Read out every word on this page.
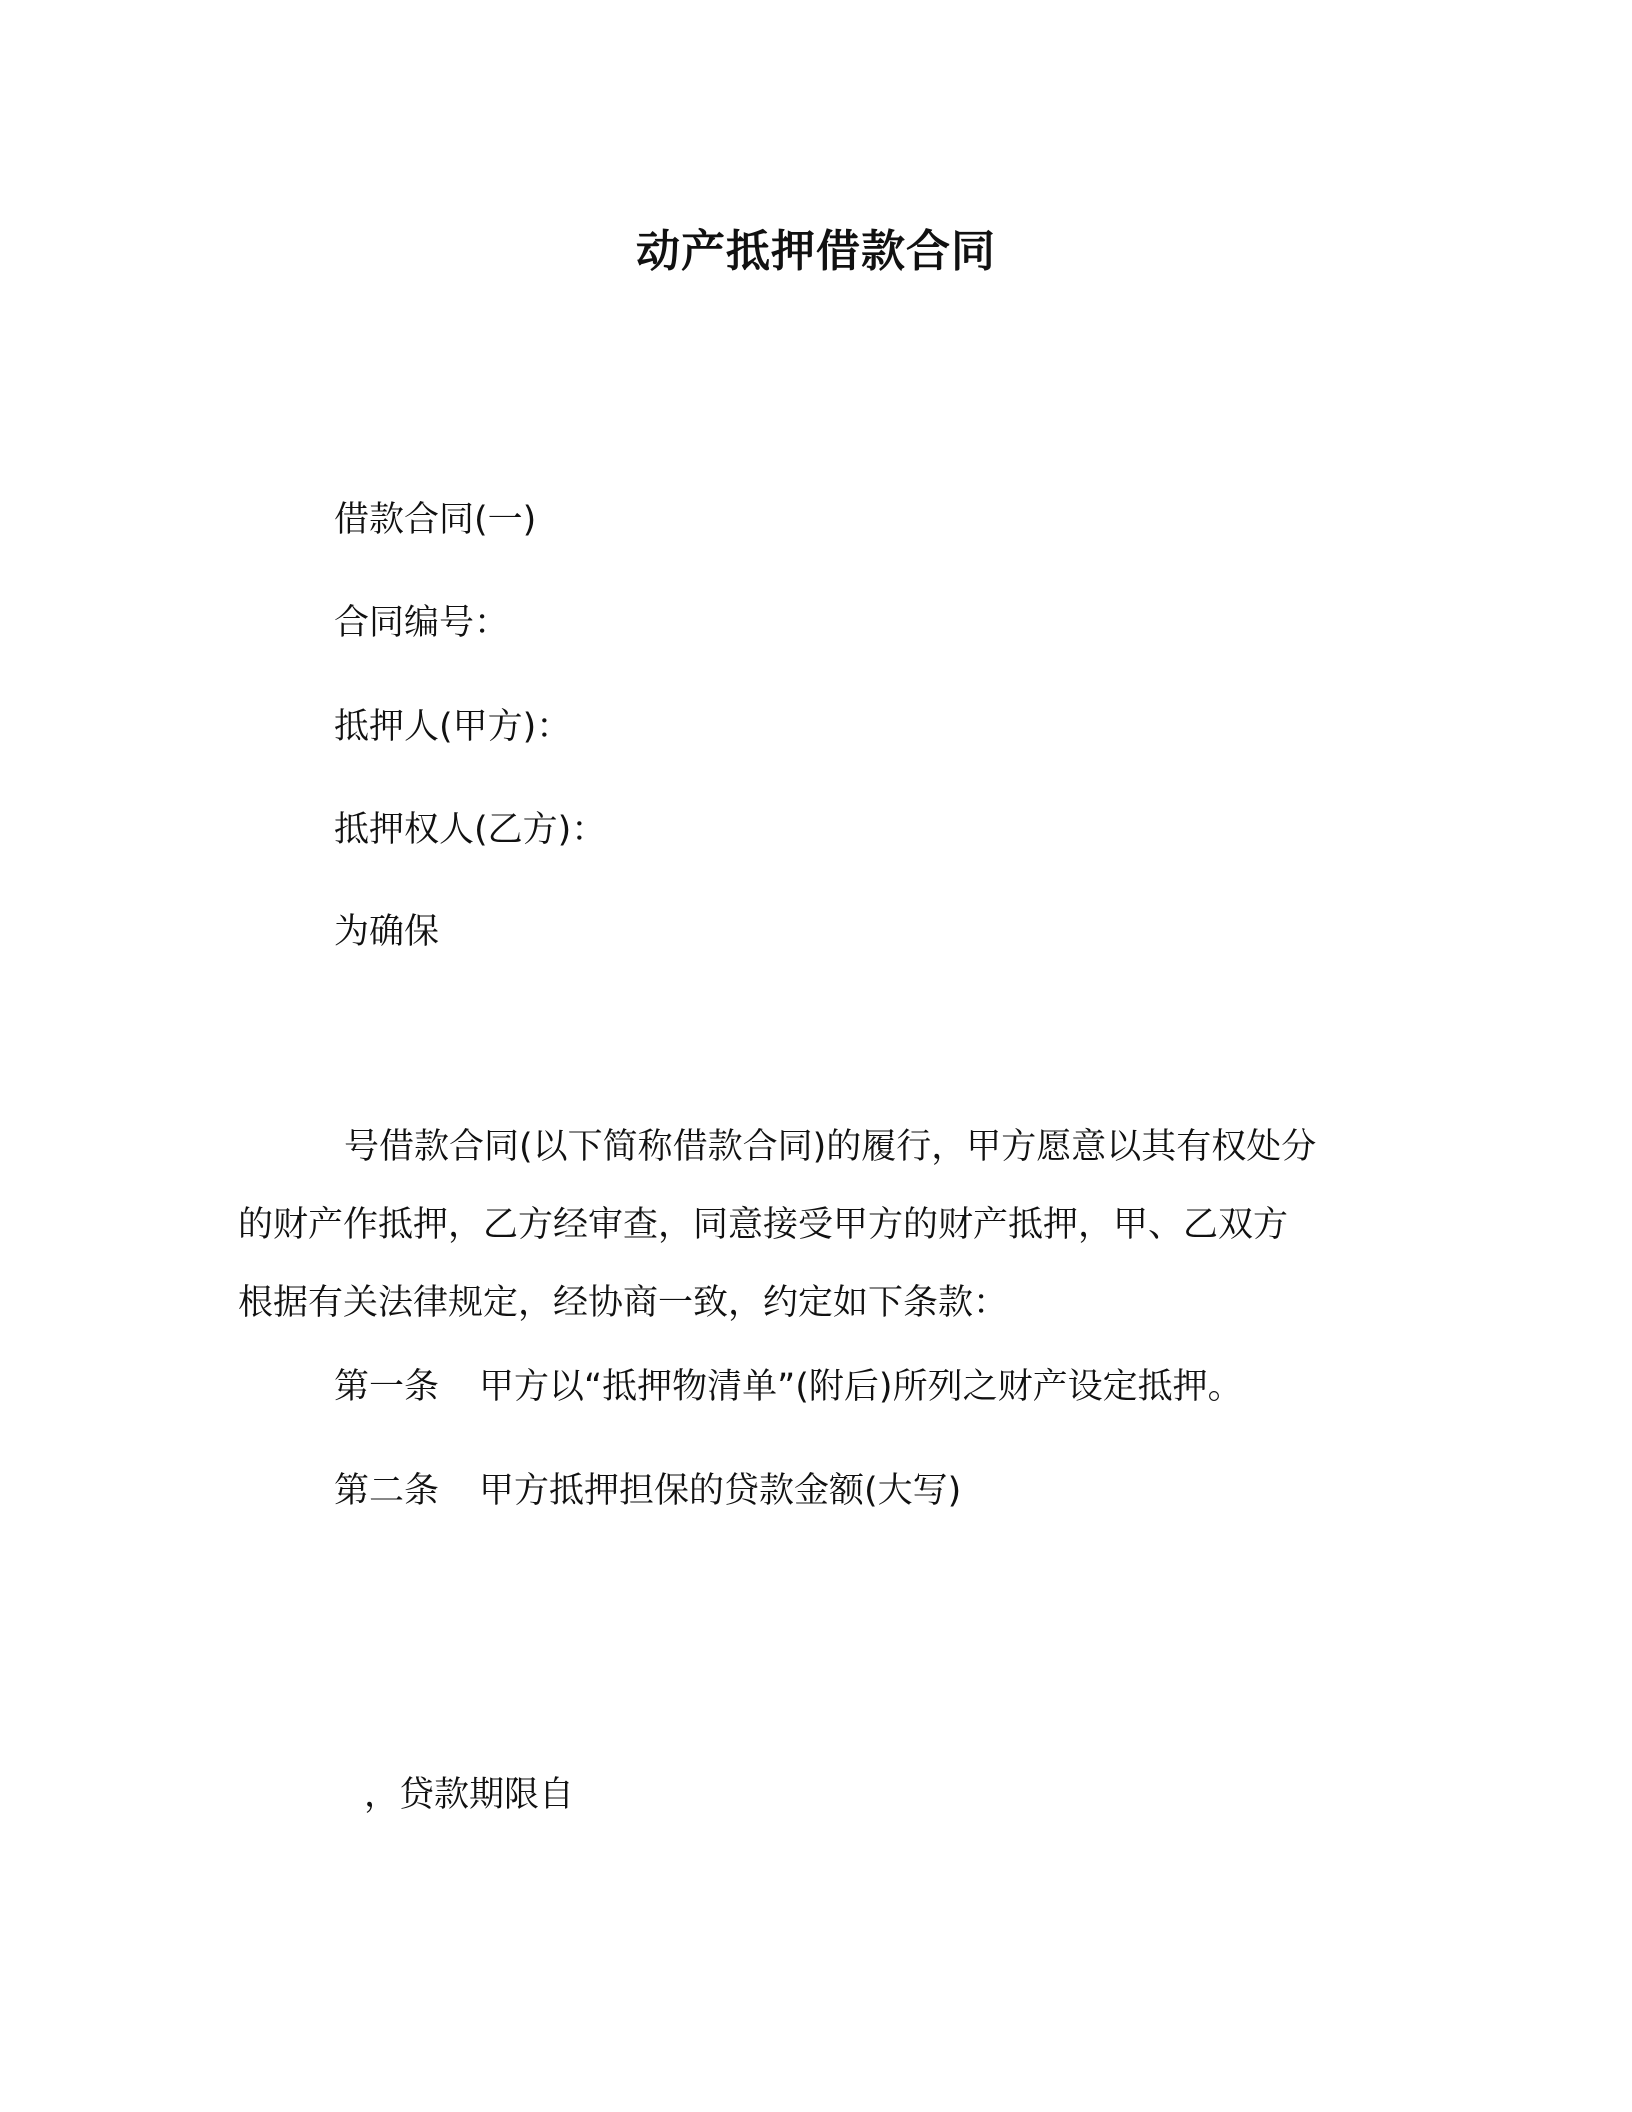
动产抵押借款合同
借款合同(一)
合同编号：
抵押人(甲方)：
抵押权人(乙方)：
为确保
号借款合同(以下简称借款合同)的履行，甲方愿意以其有权处分
的财产作抵押，乙方经审查，同意接受甲方的财产抵押，甲、乙双方
根据有关法律规定，经协商一致，约定如下条款：
第一条 甲方以“抵押物清单”(附后)所列之财产设定抵押。
第二条 甲方抵押担保的贷款金额(大写)
，贷款期限自
